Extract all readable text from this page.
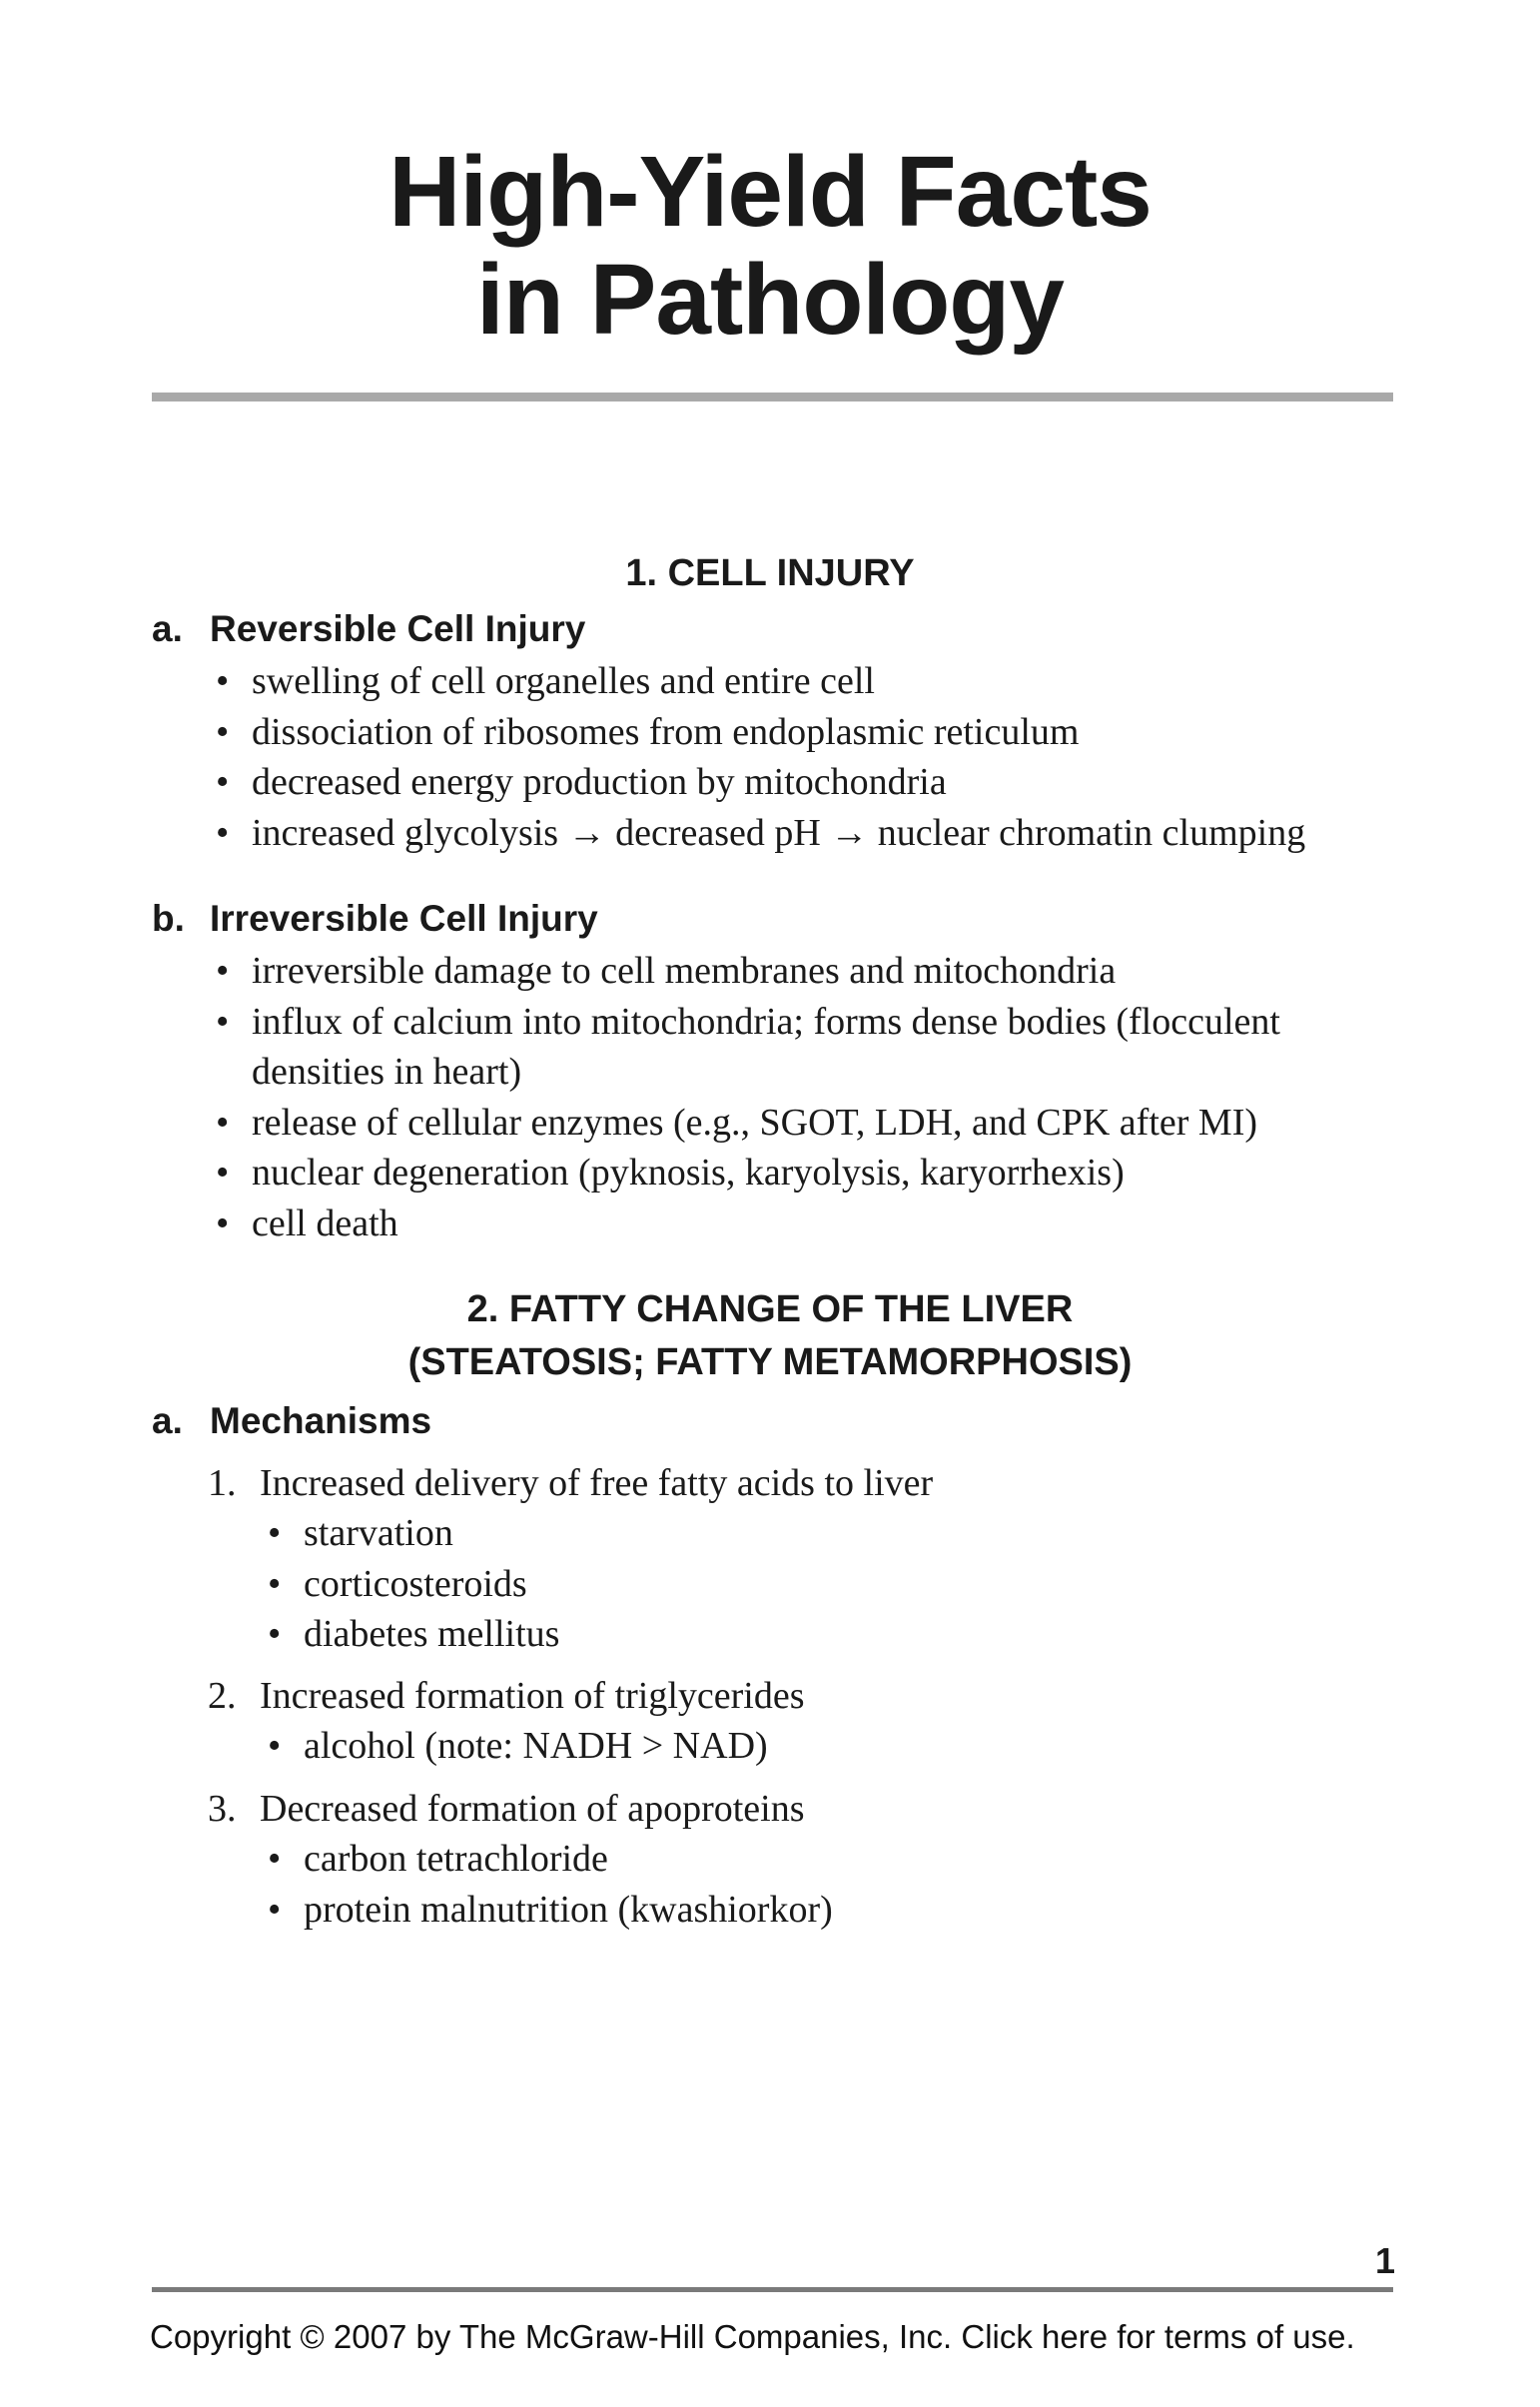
High-Yield Facts
in Pathology
1. CELL INJURY
a. Reversible Cell Injury
• swelling of cell organelles and entire cell
• dissociation of ribosomes from endoplasmic reticulum
• decreased energy production by mitochondria
• increased glycolysis → decreased pH → nuclear chromatin clumping
b. Irreversible Cell Injury
• irreversible damage to cell membranes and mitochondria
• influx of calcium into mitochondria; forms dense bodies (flocculent densities in heart)
• release of cellular enzymes (e.g., SGOT, LDH, and CPK after MI)
• nuclear degeneration (pyknosis, karyolysis, karyorrhexis)
• cell death
2. FATTY CHANGE OF THE LIVER
(STEATOSIS; FATTY METAMORPHOSIS)
a. Mechanisms
1. Increased delivery of free fatty acids to liver
• starvation
• corticosteroids
• diabetes mellitus
2. Increased formation of triglycerides
• alcohol (note: NADH > NAD)
3. Decreased formation of apoproteins
• carbon tetrachloride
• protein malnutrition (kwashiorkor)
1
Copyright © 2007 by The McGraw-Hill Companies, Inc. Click here for terms of use.
